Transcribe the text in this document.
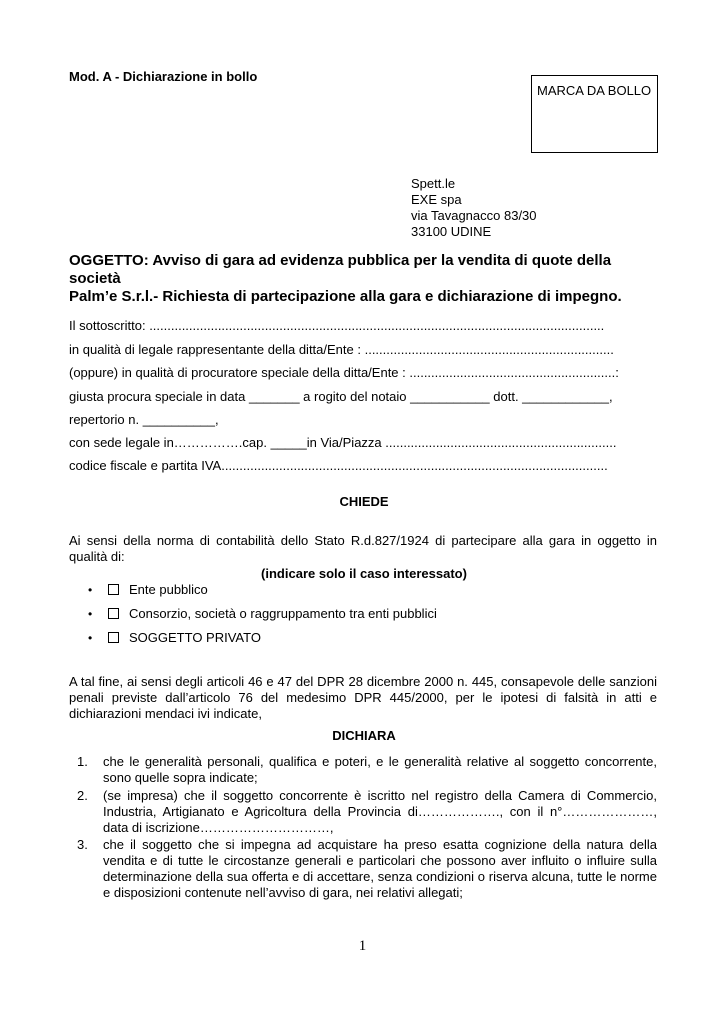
Mod. A - Dichiarazione in bollo
MARCA DA BOLLO
Spett.le
EXE spa
via Tavagnacco 83/30
33100 UDINE
OGGETTO: Avviso di gara ad evidenza pubblica per la vendita di quote della società
Palm’e S.r.l.- Richiesta di partecipazione alla gara e dichiarazione di impegno.
Il sottoscritto: ..............................................................................................................................
in qualità di legale rappresentante della ditta/Ente : .....................................................................
(oppure) in qualità di procuratore speciale della ditta/Ente : .........................................................:
giusta procura speciale in data _______ a rogito del notaio ___________ dott. ____________,
repertorio n. __________,
con sede legale in…………….cap. _____in Via/Piazza ................................................................
codice fiscale e partita IVA...........................................................................................................
CHIEDE
Ai sensi della norma di contabilità dello Stato R.d.827/1924 di partecipare alla gara in oggetto in qualità di:
(indicare solo il caso interessato)
•	Ente pubblico
•	Consorzio, società o raggruppamento tra enti pubblici
•	SOGGETTO PRIVATO
A tal fine, ai sensi degli articoli 46 e 47 del DPR 28 dicembre 2000 n. 445, consapevole delle sanzioni penali previste dall’articolo 76 del medesimo DPR 445/2000, per le ipotesi di falsità in atti e dichiarazioni mendaci ivi indicate,
DICHIARA
1. che le generalità personali, qualifica e poteri, e le generalità relative al soggetto concorrente, sono quelle sopra indicate;
2. (se impresa) che il soggetto concorrente è iscritto nel registro della Camera di Commercio, Industria, Artigianato e Agricoltura della Provincia di………………., con il n°…………………, data di iscrizione…………………………,
3. che il soggetto che si impegna ad acquistare ha preso esatta cognizione della natura della vendita e di tutte le circostanze generali e particolari che possono aver influito o influire sulla determinazione della sua offerta e di accettare, senza condizioni o riserva alcuna, tutte le norme e disposizioni contenute nell’avviso di gara, nei relativi allegati;
1
